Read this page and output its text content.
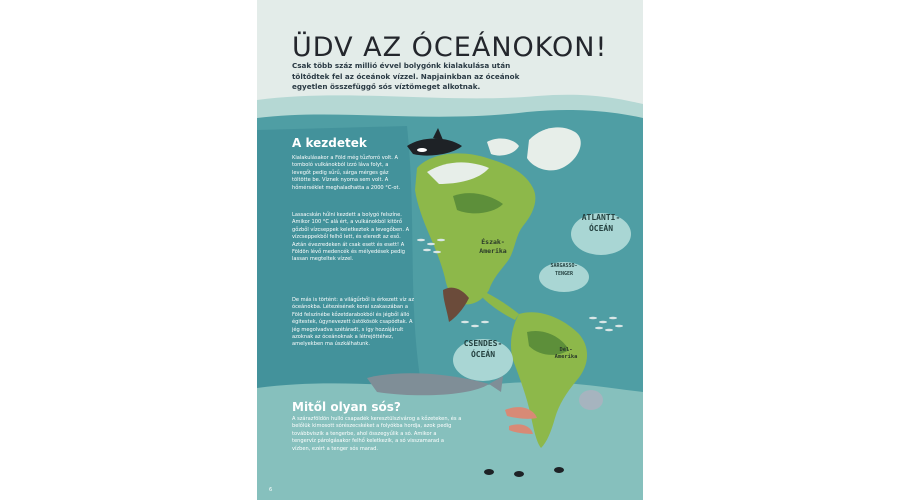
ÜDV AZ ÓCEÁNOKON!

Csak több száz millió évvel bolygónk kialakulása után töltődtek fel az óceánok vízzel. Napjainkban az óceánok egyetlen összefüggő sós víztömeget alkotnak.

A kezdetek

Kialakulásakor a Föld még tűzforró volt. A tomboló vulkánokból izzó láva folyt, a levegőt pedig sűrű, sárga mérges gáz töltötte be. Víznek nyoma sem volt. A hőmérséklet meghaladhatta a 2000 °C-ot.

Lassacskán hűlni kezdett a bolygó felszíne. Amikor 100 °C alá ért, a vulkánokból kitörő gőzből vízcseppek keletkeztek a levegőben. A vízcseppekből felhő lett, és eleredt az eső. Aztán évezredeken át csak esett és esett! A Földön lévő medencék és mélyedések pedig lassan megteltek vízzel.

De más is történt: a világűrből is érkezett víz az óceánokba. Létezésének korai szakaszában a Föld felszínébe kőzetdarabokból és jégből álló égitestek, úgynevezett üstökösök csapódtak. A jég megolvadva szétáradt, s így hozzájárult azoknak az óceánoknak a létrejöttéhez, amelyekben ma úszkálhatunk.

Mitől olyan sós?

A szárazföldön hulló csapadék keresztülszivárog a kőzeteken, és a belőlük kimosott sórészecskéket a folyókba hordja, azok pedig továbbviszik a tengerbe, ahol összegyűlik a só. Amikor a tengervíz párolgásakor felhő keletkezik, a só visszamarad a vízben, ezért a tenger sós marad.

ATLANTI-
ÓCEÁN
CSENDES-
ÓCEÁN
SARGASSO-
TENGER
Észak-
Amerika
Dél-
Amerika
6
